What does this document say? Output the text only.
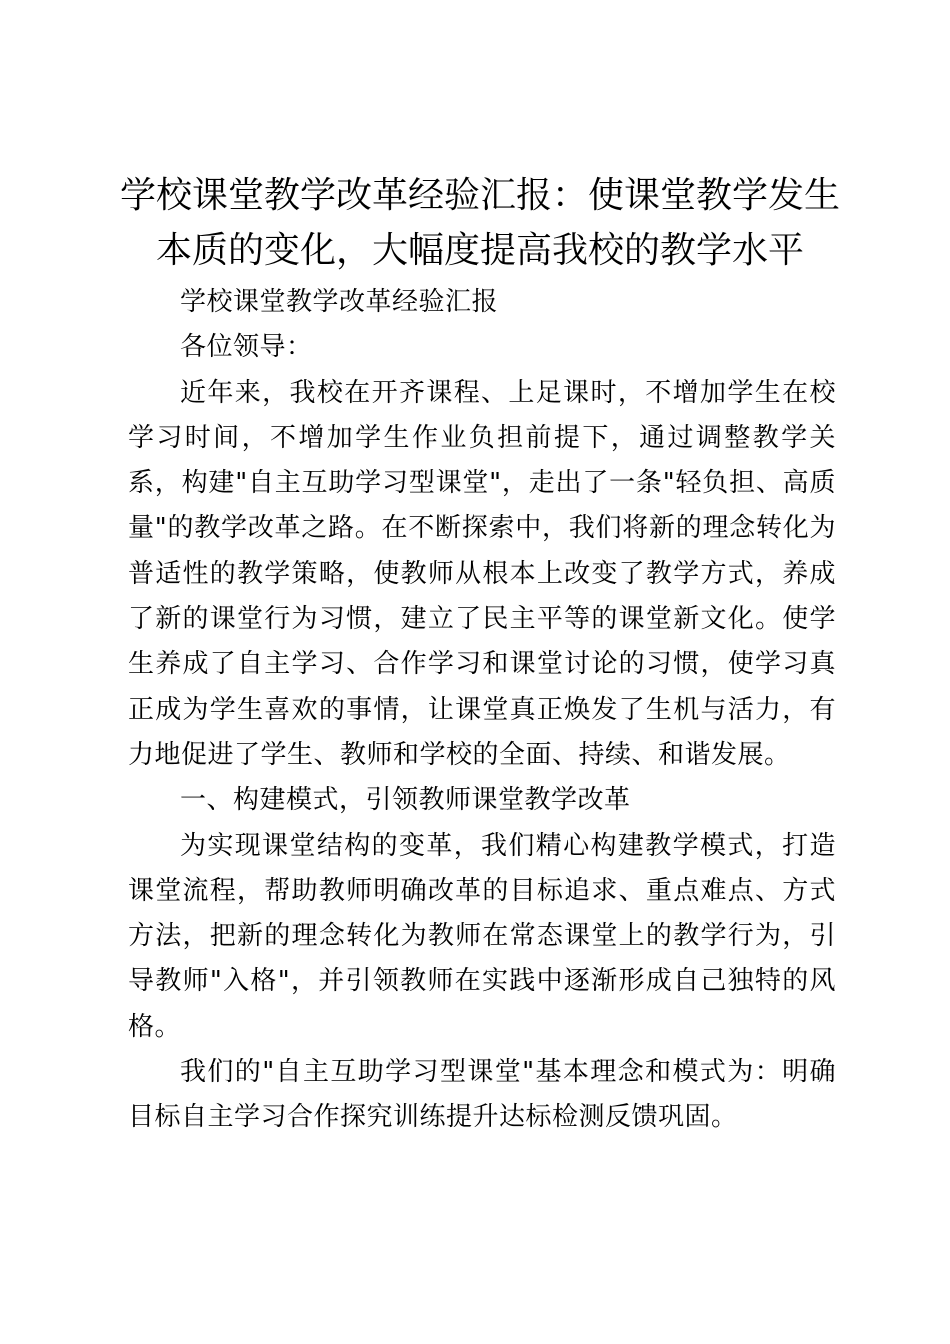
学校课堂教学改革经验汇报：使课堂教学发生本质的变化，大幅度提高我校的教学水平

学校课堂教学改革经验汇报

各位领导：

近年来，我校在开齐课程、上足课时，不增加学生在校学习时间，不增加学生作业负担前提下，通过调整教学关系，构建"自主互助学习型课堂"，走出了一条"轻负担、高质量"的教学改革之路。在不断探索中，我们将新的理念转化为普适性的教学策略，使教师从根本上改变了教学方式，养成了新的课堂行为习惯，建立了民主平等的课堂新文化。使学生养成了自主学习、合作学习和课堂讨论的习惯，使学习真正成为学生喜欢的事情，让课堂真正焕发了生机与活力，有力地促进了学生、教师和学校的全面、持续、和谐发展。

一、构建模式，引领教师课堂教学改革

为实现课堂结构的变革，我们精心构建教学模式，打造课堂流程，帮助教师明确改革的目标追求、重点难点、方式方法，把新的理念转化为教师在常态课堂上的教学行为，引导教师"入格"，并引领教师在实践中逐渐形成自己独特的风格。

我们的"自主互助学习型课堂"基本理念和模式为：明确目标自主学习合作探究训练提升达标检测反馈巩固。
